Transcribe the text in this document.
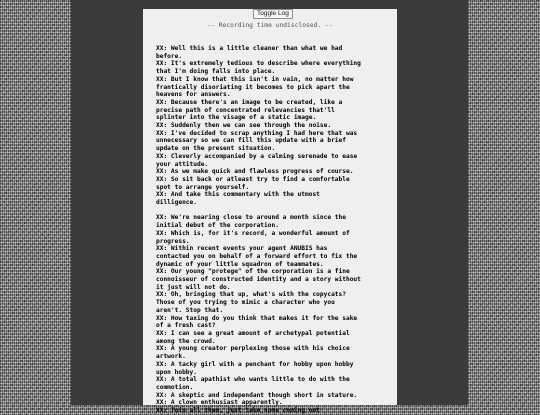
Toggle Log
-- Recording time undisclosed. --
XX: Well this is a little cleaner than what we had
before.
XX: It's extremely tedious to describe where everything
that I'm doing falls into place.
XX: But I know that this isn't in vain, no matter how
frantically disoriating it becomes to pick apart the
heavens for answers.
XX: Because there's an image to be created, like a
precise path of concentrated relevancies that'll
splinter into the visage of a static image.
XX: Suddenly then we can see through the noise.
XX: I've decided to scrap anything I had here that was
unnecessary so we can fill this update with a brief
update on the present situation.
XX: Cleverly accompanied by a calming serenade to ease
your attitude.
XX: As we make quick and flawless progress of course.
XX: So sit back or atleast try to find a comfortable
spot to arrange yourself.
XX: And take this commentary with the utmost
dilligence.
XX: We're nearing close to around a month since the
initial debut of the corporation.
XX: Which is, for it's record, a wonderful amount of
progress.
XX: Within recent events your agent ANUBIS has
contacted you on behalf of a forward effort to fix the
dynamic of your little squadron of teammates.
XX: Our young "protege" of the corporation is a fine
connoisseur of constructed identity and a story without
it just will not do.
XX: Oh, bringing that up, what's with the copycats?
Those of you trying to mimic a character who you
aren't. Stop that.
XX: How taxing do you think that makes it for the sake
of a fresh cast?
XX: I can see a great amount of archetypal potential
among the crowd.
XX: A young creator perplexing those with his choice
artwork.
XX: A tacky girl with a penchant for hobby upon hobby
upon hobby.
XX: A total apathist who wants little to do with the
commotion.
XX: A skeptic and independant though short in stature.
XX: A clown enthusiast apparently.
XX: Toin all them, just take some coming out
